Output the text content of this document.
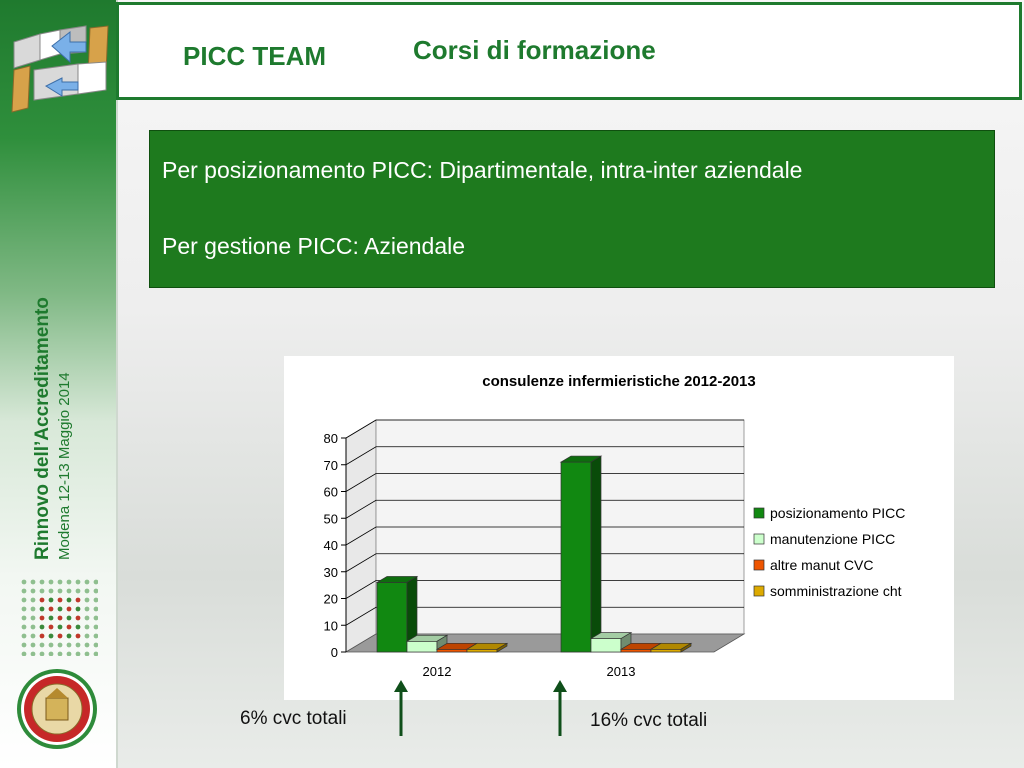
Rinnovo dell’Accreditamento Modena 12-13 Maggio 2014
PICC TEAM	Corsi di formazione
Per posizionamento PICC: Dipartimentale, intra-inter aziendale
Per gestione PICC: Aziendale
consulenze infermieristiche 2012-2013
0
10
20
30
40
50
60
70
80
2012	2013
posizionamento PICC
manutenzione PICC
altre manut CVC
somministrazione cht
6% cvc totali	16% cvc totali
